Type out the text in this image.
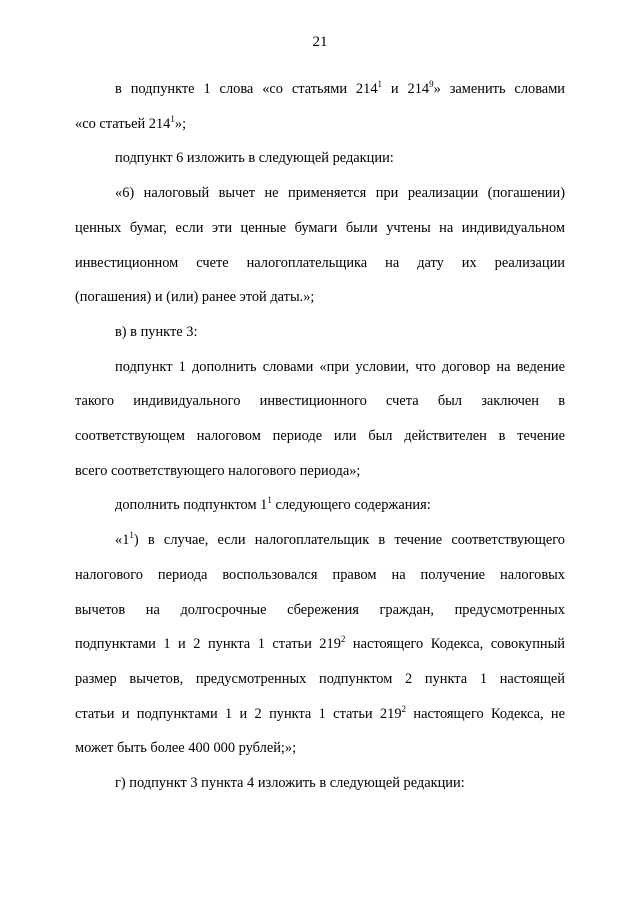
21
в подпункте 1 слова «со статьями $214^1$ и $214^9$» заменить словами
«со статьей $214^1$»;
подпункт 6 изложить в следующей редакции:
«6) налоговый вычет не применяется при реализации (погашении)
ценных бумаг, если эти ценные бумаги были учтены на индивидуальном
инвестиционном счете налогоплательщика на дату их реализации
(погашения) и (или) ранее этой даты.»;
в) в пункте 3:
подпункт 1 дополнить словами «при условии, что договор на ведение
такого индивидуального инвестиционного счета был заключен в
соответствующем налоговом периоде или был действителен в течение
всего соответствующего налогового периода»;
дополнить подпунктом $1^1$ следующего содержания:
«$1^1$) в случае, если налогоплательщик в течение соответствующего
налогового периода воспользовался правом на получение налоговых
вычетов на долгосрочные сбережения граждан, предусмотренных
подпунктами 1 и 2 пункта 1 статьи $219^2$ настоящего Кодекса, совокупный
размер вычетов, предусмотренных подпунктом 2 пункта 1 настоящей
статьи и подпунктами 1 и 2 пункта 1 статьи $219^2$ настоящего Кодекса, не
может быть более 400 000 рублей;»;
г) подпункт 3 пункта 4 изложить в следующей редакции:
